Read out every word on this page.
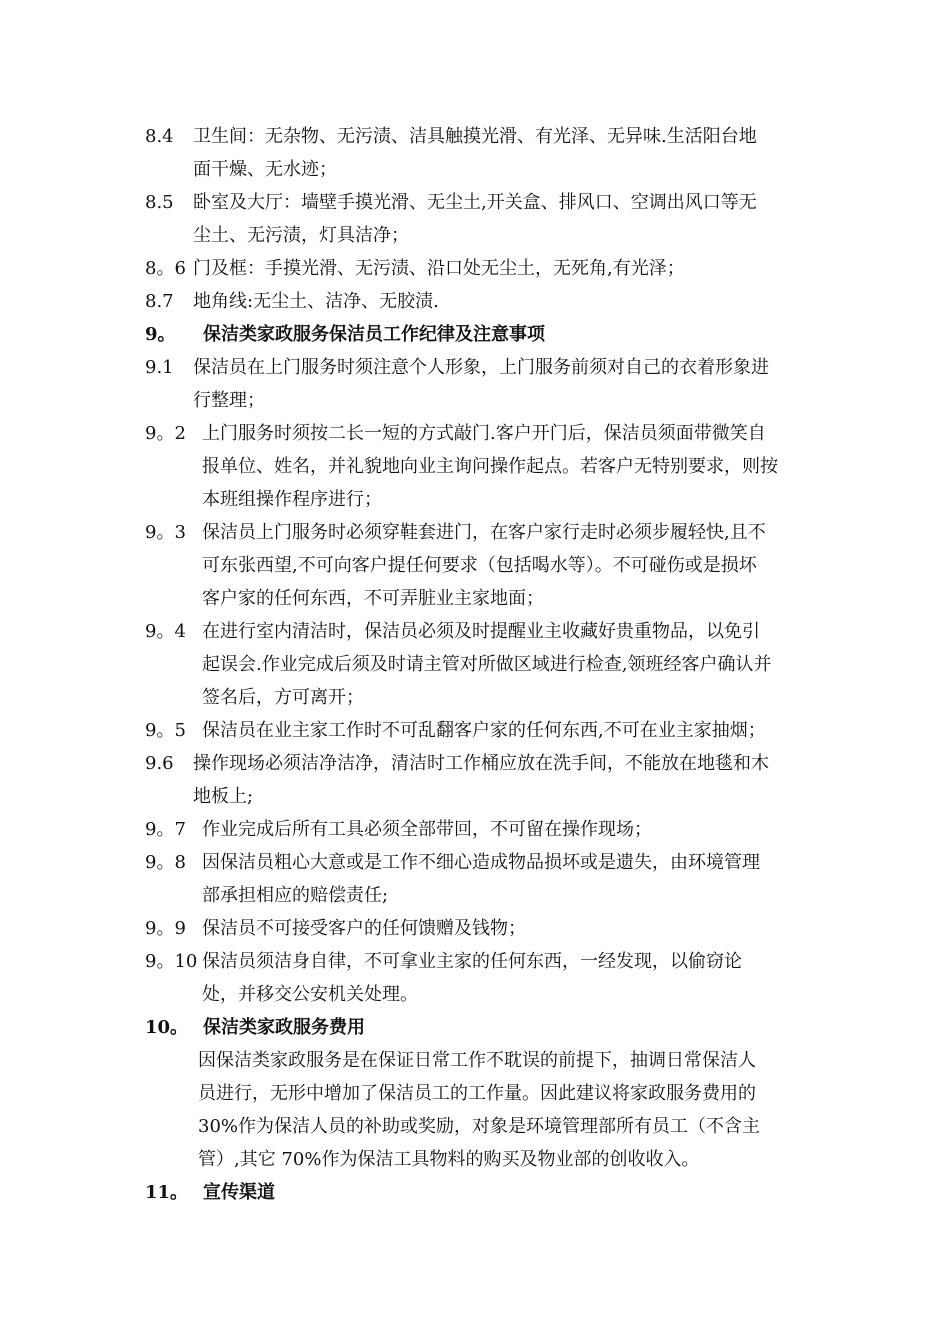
8.4 卫生间：无杂物、无污渍、洁具触摸光滑、有光泽、无异味.生活阳台地
面干燥、无水迹；
8.5 卧室及大厅：墙壁手摸光滑、无尘土,开关盒、排风口、空调出风口等无
尘土、无污渍，灯具洁净；
8。6 门及框：手摸光滑、无污渍、沿口处无尘土，无死角,有光泽；
8.7 地角线:无尘土、洁净、无胶渍.
9。 保洁类家政服务保洁员工作纪律及注意事项
9.1 保洁员在上门服务时须注意个人形象，上门服务前须对自己的衣着形象进
行整理；
9。2 上门服务时须按二长一短的方式敲门.客户开门后，保洁员须面带微笑自
报单位、姓名，并礼貌地向业主询问操作起点。若客户无特别要求，则按
本班组操作程序进行；
9。3 保洁员上门服务时必须穿鞋套进门，在客户家行走时必须步履轻快,且不
可东张西望,不可向客户提任何要求（包括喝水等）。不可碰伤或是损坏
客户家的任何东西，不可弄脏业主家地面；
9。4 在进行室内清洁时，保洁员必须及时提醒业主收藏好贵重物品，以免引
起误会.作业完成后须及时请主管对所做区域进行检查,领班经客户确认并
签名后，方可离开；
9。5 保洁员在业主家工作时不可乱翻客户家的任何东西,不可在业主家抽烟；
9.6 操作现场必须洁净洁净，清洁时工作桶应放在洗手间，不能放在地毯和木
地板上;
9。7 作业完成后所有工具必须全部带回，不可留在操作现场；
9。8 因保洁员粗心大意或是工作不细心造成物品损坏或是遗失，由环境管理
部承担相应的赔偿责任;
9。9 保洁员不可接受客户的任何馈赠及钱物；
9。10 保洁员须洁身自律，不可拿业主家的任何东西，一经发现，以偷窃论
处，并移交公安机关处理。
10。 保洁类家政服务费用
因保洁类家政服务是在保证日常工作不耽误的前提下，抽调日常保洁人
员进行，无形中增加了保洁员工的工作量。因此建议将家政服务费用的
30%作为保洁人员的补助或奖励，对象是环境管理部所有员工（不含主
管）,其它 70%作为保洁工具物料的购买及物业部的创收收入。
11。 宣传渠道
